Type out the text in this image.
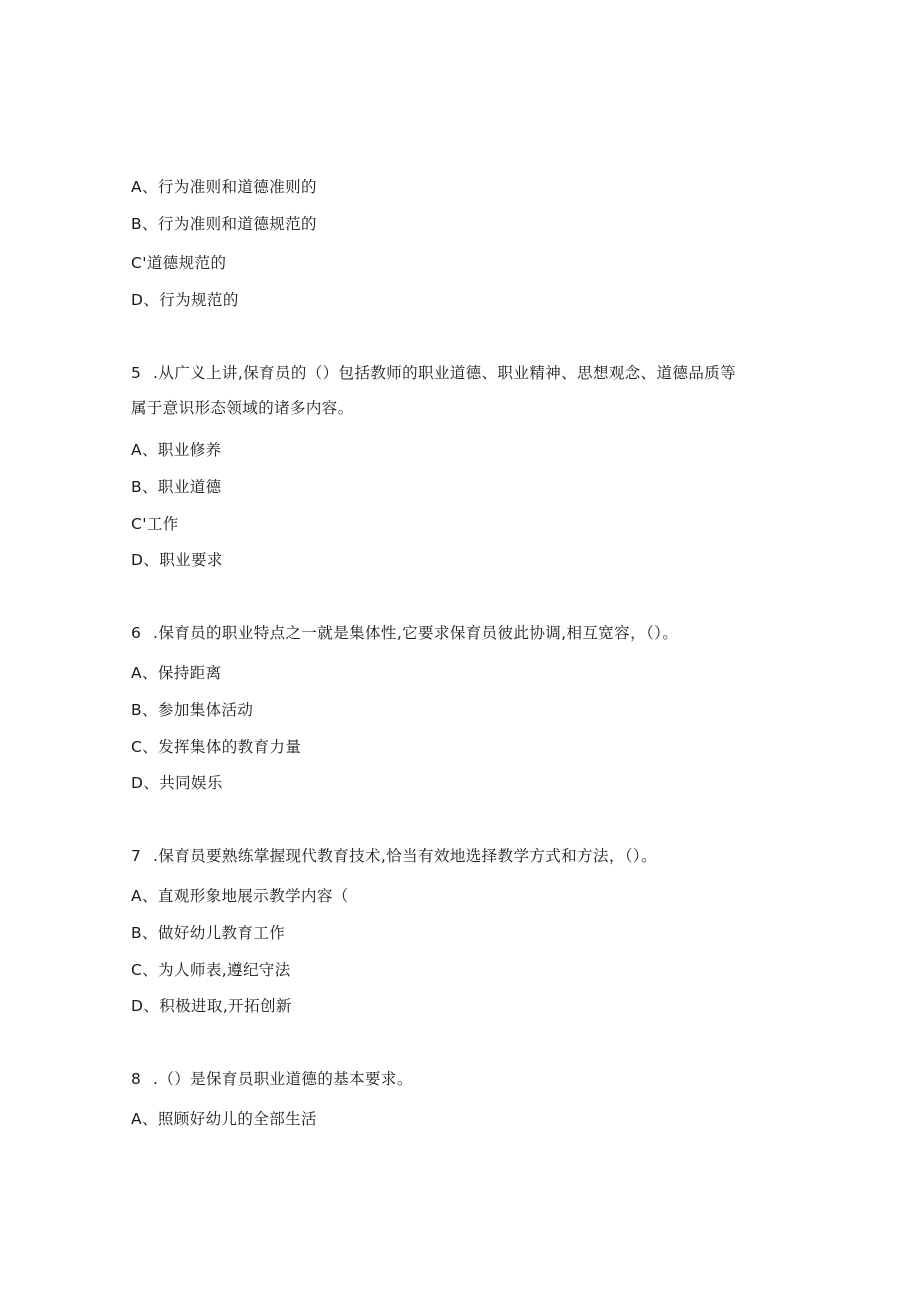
A、行为准则和道德准则的
B、行为准则和道德规范的
C'道德规范的
D、行为规范的
5 .从广义上讲,保育员的（）包括教师的职业道德、职业精神、思想观念、道德品质等
属于意识形态领域的诸多内容。
A、职业修养
B、职业道德
C'工作
D、职业要求
6 .保育员的职业特点之一就是集体性,它要求保育员彼此协调,相互宽容，（）。
A、保持距离
B、参加集体活动
C、发挥集体的教育力量
D、共同娱乐
7 .保育员要熟练掌握现代教育技术,恰当有效地选择教学方式和方法，（）。
A、直观形象地展示教学内容（
B、做好幼儿教育工作
C、为人师表,遵纪守法
D、积极进取,开拓创新
8 .（）是保育员职业道德的基本要求。
A、照顾好幼儿的全部生活
